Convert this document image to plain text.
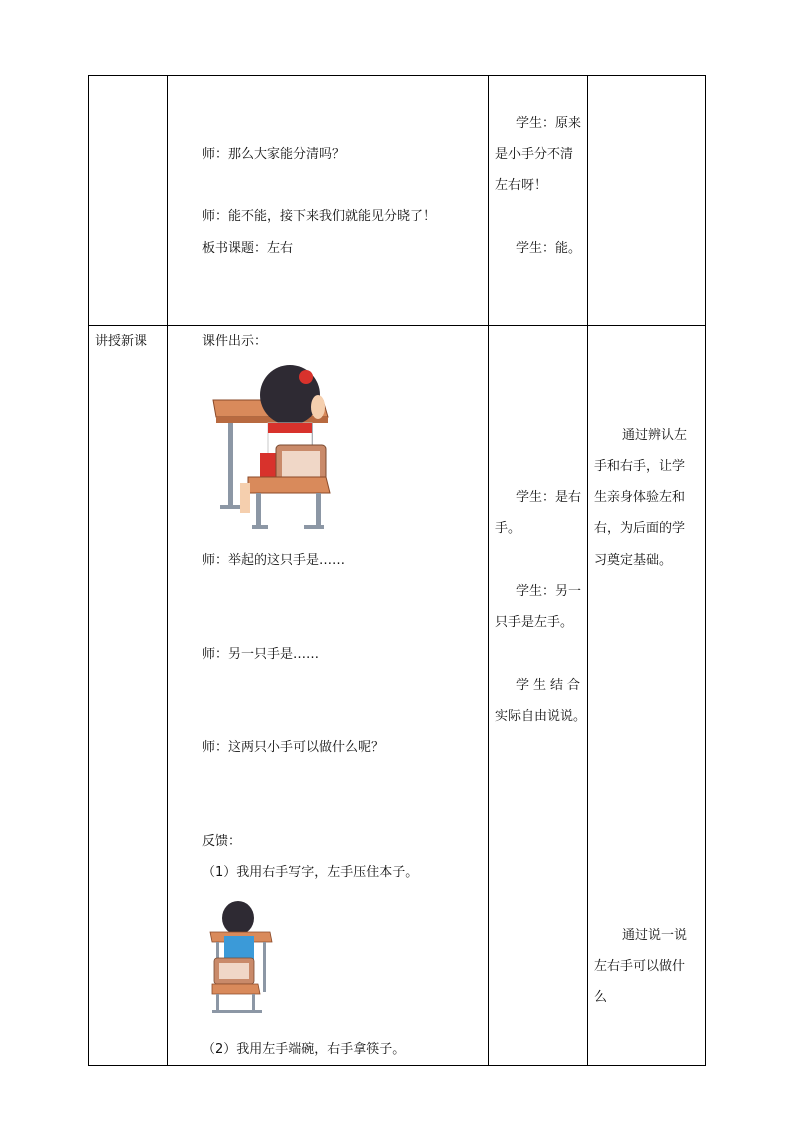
师：那么大家能分清吗？
师：能不能，接下来我们就能见分晓了！
板书课题：左右
学生：原来
是小手分不清
左右呀！
学生：能。
讲授新课	课件出示：
师：举起的这只手是……
师：另一只手是……
师：这两只小手可以做什么呢？
反馈：
（1）我用右手写字，左手压住本子。
（2）我用左手端碗，右手拿筷子。
学生：是右
手。
学生：另一
只手是左手。
学生结合
实际自由说说。
通过辨认左
手和右手，让学
生亲身体验左和
右，为后面的学
习奠定基础。
通过说一说
左右手可以做什
么
